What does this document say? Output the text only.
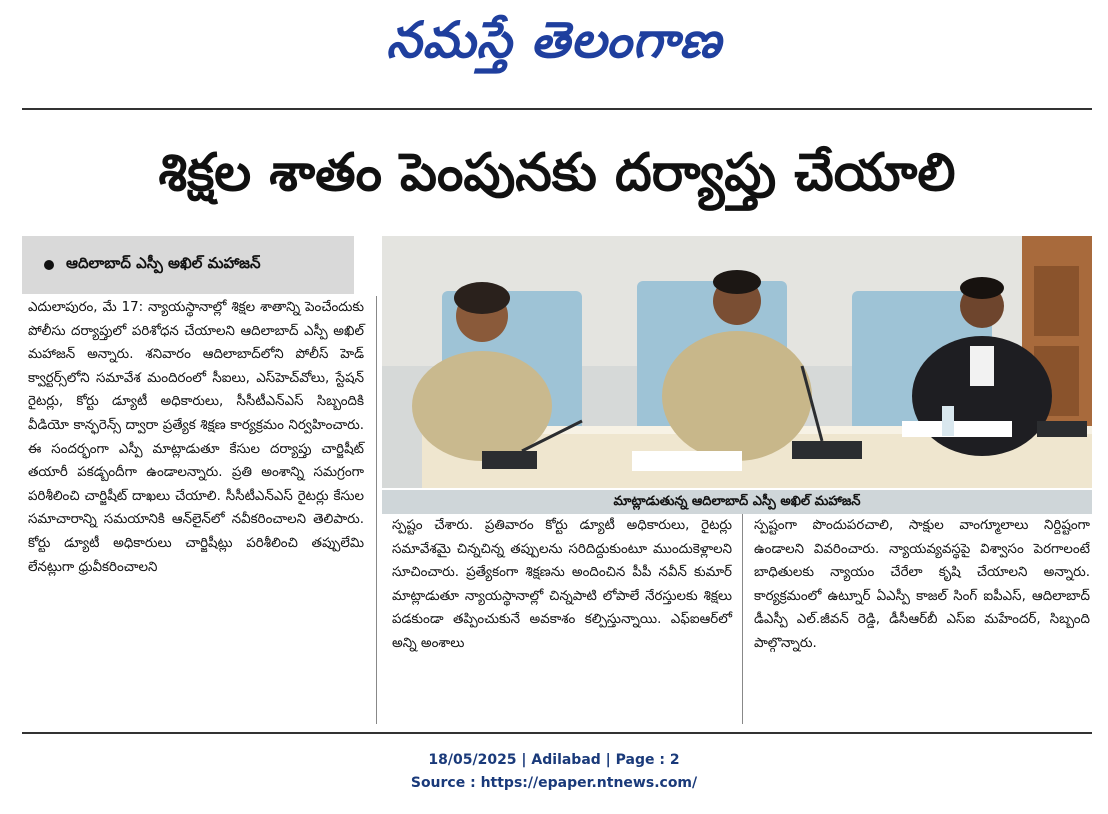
నమస్తే తెలంగాణ
శిక్షల శాతం పెంపునకు దర్యాప్తు చేయాలి
ఆదిలాబాద్ ఎస్పీ అఖిల్ మహాజన్
మాట్లాడుతున్న ఆదిలాబాద్ ఎస్పీ అఖిల్ మహాజన్

ఎదులాపురం, మే 17: న్యాయస్థానాల్లో శిక్షల శాతాన్ని పెంచేందుకు పోలీసు దర్యాప్తులో పరిశోధన చేయాలని ఆదిలాబాద్ ఎస్పీ అఖిల్ మహాజన్ అన్నారు. శనివారం ఆదిలాబాద్‌లోని పోలీస్ హెడ్ క్వార్టర్స్‌లోని సమావేశ మందిరంలో సీఐలు, ఎస్‌హెచ్‌వోలు, స్టేషన్ రైటర్లు, కోర్టు డ్యూటీ అధికారులు, సీసీటీఎన్ఎస్ సిబ్బందికి వీడియో కాన్ఫరెన్స్ ద్వారా ప్రత్యేక శిక్షణ కార్యక్రమం నిర్వహించారు. ఈ సందర్భంగా ఎస్పీ మాట్లాడుతూ కేసుల దర్యాప్తు చార్జిషీట్ తయారీ పకడ్బందీగా ఉండాలన్నారు. ప్రతి అంశాన్ని సమగ్రంగా పరిశీలించి చార్జిషీట్ దాఖలు చేయాలి. సీసీటీఎన్ఎస్ రైటర్లు కేసుల సమాచారాన్ని సమయానికి ఆన్‌లైన్‌లో నవీకరించాలని తెలిపారు. కోర్టు డ్యూటీ అధికారులు చార్జిషీట్లు పరిశీలించి తప్పులేమి లేనట్లుగా ధ్రువీకరించాలని

స్పష్టం చేశారు. ప్రతివారం కోర్టు డ్యూటీ అధికారులు, రైటర్లు సమావేశమై చిన్నచిన్న తప్పులను సరిదిద్దుకుంటూ ముందుకెళ్లాలని సూచించారు. ప్రత్యేకంగా శిక్షణను అందించిన పీపీ నవీన్ కుమార్ మాట్లాడుతూ న్యాయస్థానాల్లో చిన్నపాటి లోపాలే నేరస్తులకు శిక్షలు పడకుండా తప్పించుకునే అవకాశం కల్పిస్తున్నాయి. ఎఫ్ఐఆర్‌లో అన్ని అంశాలు

స్పష్టంగా పొందుపరచాలి, సాక్షుల వాంగ్మూలాలు నిర్దిష్టంగా ఉండాలని వివరించారు. న్యాయవ్యవస్థపై విశ్వాసం పెరగాలంటే బాధితులకు న్యాయం చేరేలా కృషి చేయాలని అన్నారు. కార్యక్రమంలో ఉట్నూర్ ఏఎస్పీ కాజల్ సింగ్ ఐపీఎస్, ఆదిలాబాద్ డీఎస్పీ ఎల్.జీవన్ రెడ్డి, డీసీఆర్‌బీ ఎస్ఐ మహేందర్, సిబ్బంది పాల్గొన్నారు.

18/05/2025 | Adilabad | Page : 2
Source : https://epaper.ntnews.com/
